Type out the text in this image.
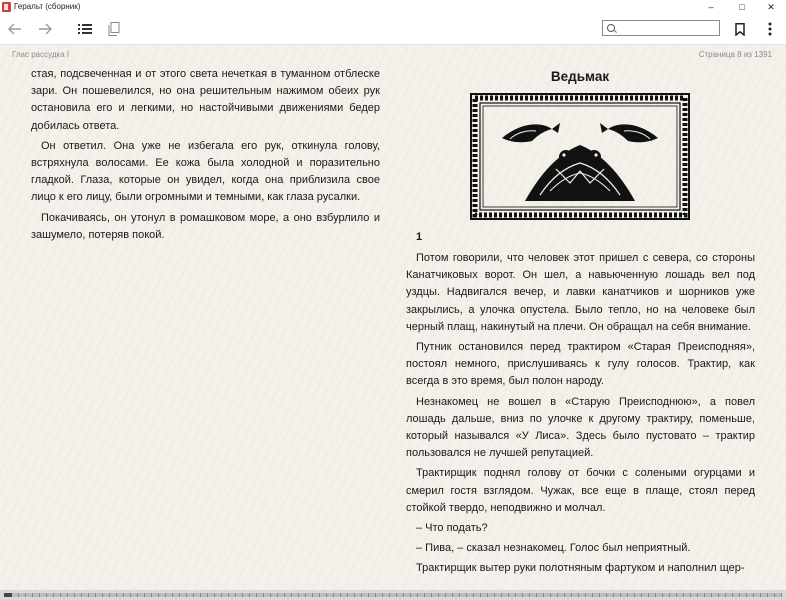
Геральт (сборник)	–	□	✕
Глас рассудка I	Страница 8 из 1391

стая, подсвеченная и от этого света нечеткая в туманном отблеске зари. Он пошевелился, но она решительным нажимом обеих рук остановила его и легкими, но настойчивыми движениями бедер добилась ответа.

Он ответил. Она уже не избегала его рук, откинула голову, встряхнула волосами. Ее кожа была холодной и поразительно гладкой. Глаза, которые он увидел, когда она приблизила свое лицо к его лицу, были огромными и темными, как глаза русалки.

Покачиваясь, он утонул в ромашковом море, а оно взбурлило и зашумело, потеряв покой.

Ведьмак
1

Потом говорили, что человек этот пришел с севера, со стороны Канатчиковых ворот. Он шел, а навьюченную лошадь вел под уздцы. Надвигался вечер, и лавки канатчиков и шорников уже закрылись, а улочка опустела. Было тепло, но на человеке был черный плащ, накинутый на плечи. Он обращал на себя внимание.

Путник остановился перед трактиром «Старая Преисподняя», постоял немного, прислушиваясь к гулу голосов. Трактир, как всегда в это время, был полон народу.

Незнакомец не вошел в «Старую Преисподнюю», а повел лошадь дальше, вниз по улочке к другому трактиру, поменьше, который назывался «У Лиса». Здесь было пустовато – трактир пользовался не лучшей репутацией.

Трактирщик поднял голову от бочки с солеными огурцами и смерил гостя взглядом. Чужак, все еще в плаще, стоял перед стойкой твердо, неподвижно и молчал.

– Что подать?

– Пива, – сказал незнакомец. Голос был неприятный.

Трактирщик вытер руки полотняным фартуком и наполнил щер-
